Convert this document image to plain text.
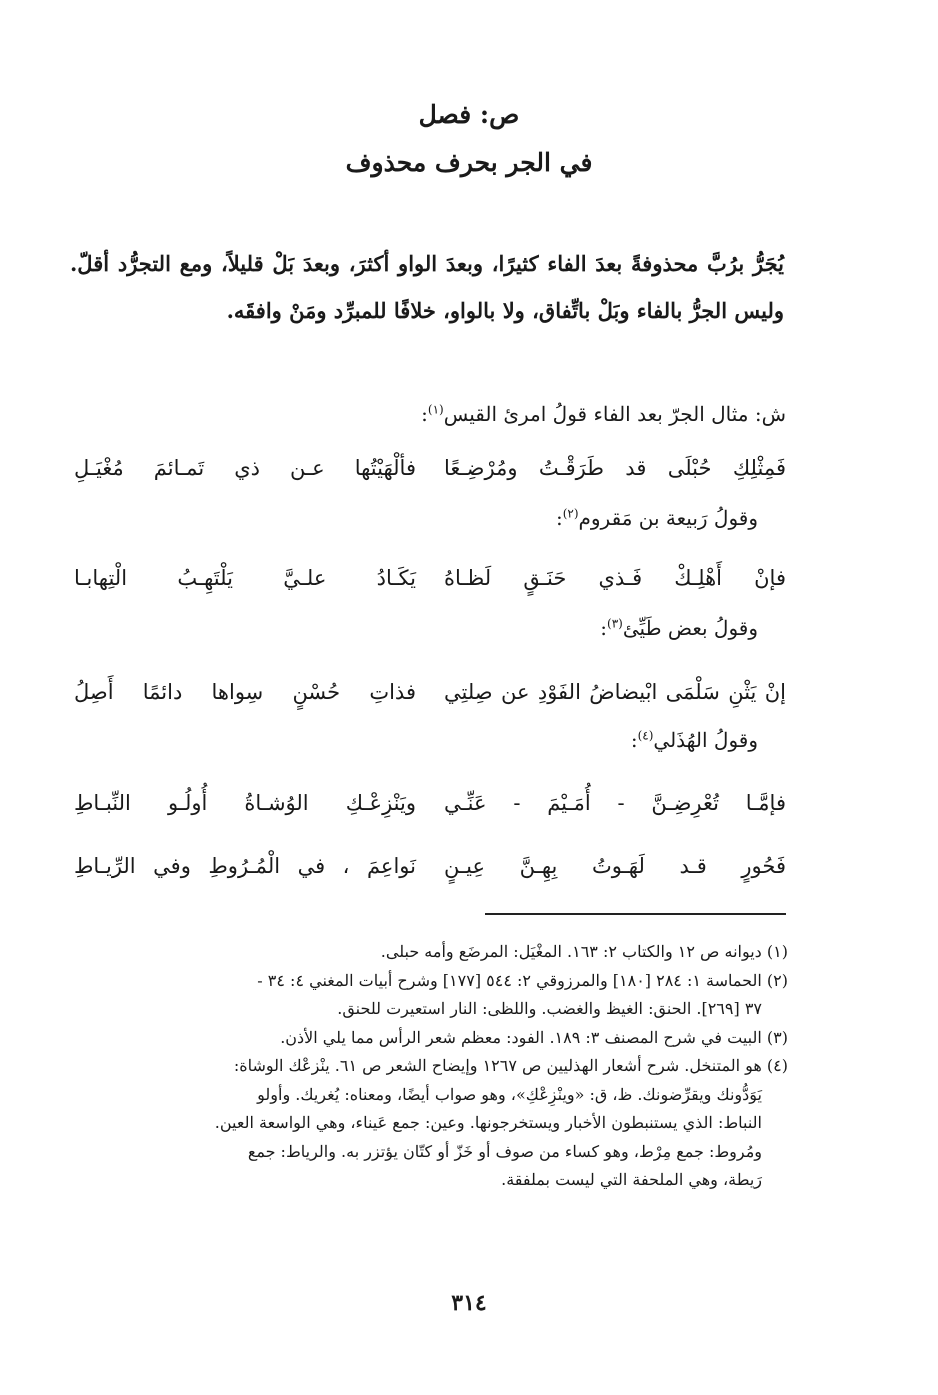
ص: فصل
في الجر بحرف محذوف
يُجَرُّ برُبَّ محذوفةً بعدَ الفاء كثيرًا، وبعدَ الواو أكثرَ، وبعدَ بَلْ قليلاً، ومع التجرُّد أقلّ. وليس الجرُّ بالفاء وبَلْ باتِّفاق، ولا بالواو، خلافًا للمبرِّد ومَنْ وافقَه.
ش: مثال الجرّ بعد الفاء قولُ امرئ القيس$^{(١)}$:
فَمِثْلِكِ حُبْلَى قد طَرَقْـتُ ومُرْضِـعًا
فألْهَيْتُها عـن ذي تَمـائمَ مُغْيَـلِ
وقولُ رَبيعة بن مَقروم$^{(٢)}$:
فإنْ أَهْلِـكْ فَـذي حَنَـقٍ لَظـاهُ
يَكَـادُ علـيَّ يَلْتَهِـبُ الْتِهابـا
وقولُ بعض طَيِّئ$^{(٣)}$:
إنْ يَثْنِ سَلْمَى ابْيضاضُ الفَوْدِ عن صِلتِي
فذاتِ حُسْنٍ سِواها دائمًا أَصِلُ
وقولُ الهُذَلي$^{(٤)}$:
فإمَّـا تُعْرِضِـنَّ - أُمَـيْمَ - عَنِّـي
ويَنْزِعْـكِ الوُشـاةُ أُولُـو النِّبـاطِ
فَحُورٍ قـد لَهَـوتُ بِهِـنَّ عِيـنٍ
نَواعِمَ ، في الْمُـرُوطِ وفي الرِّيـاطِ

(١) ديوانه ص ١٢ والكتاب ٢: ١٦٣. المغْيَل: المرضَع وأمه حبلى.

(٢) الحماسة ١: ٢٨٤ [١٨٠] والمرزوقي ٢: ٥٤٤ [١٧٧] وشرح أبيات المغني ٤: ٣٤ -
٣٧ [٢٦٩]. الحنق: الغيظ والغضب. واللظى: النار استعيرت للحنق.

(٣) البيت في شرح المصنف ٣: ١٨٩. الفود: معظم شعر الرأس مما يلي الأذن.

(٤) هو المتنخل. شرح أشعار الهذليين ص ١٢٦٧ وإيضاح الشعر ص ٦١. ينْزعْك الوشاة:
يَوَدُّونك ويقرِّضونك. ظ، ق: «وينْزِعْكِ»، وهو صواب أيضًا، ومعناه: يُغريك. وأولو
النباط: الذي يستنبطون الأخبار ويستخرجونها. وعين: جمع عَيناء، وهي الواسعة العين.
ومُروط: جمع مِرْط، وهو كساء من صوف أو خَزّ أو كتّان يؤتزر به. والرياط: جمع
رَيطة، وهي الملحفة التي ليست بملفقة.

٣١٤
